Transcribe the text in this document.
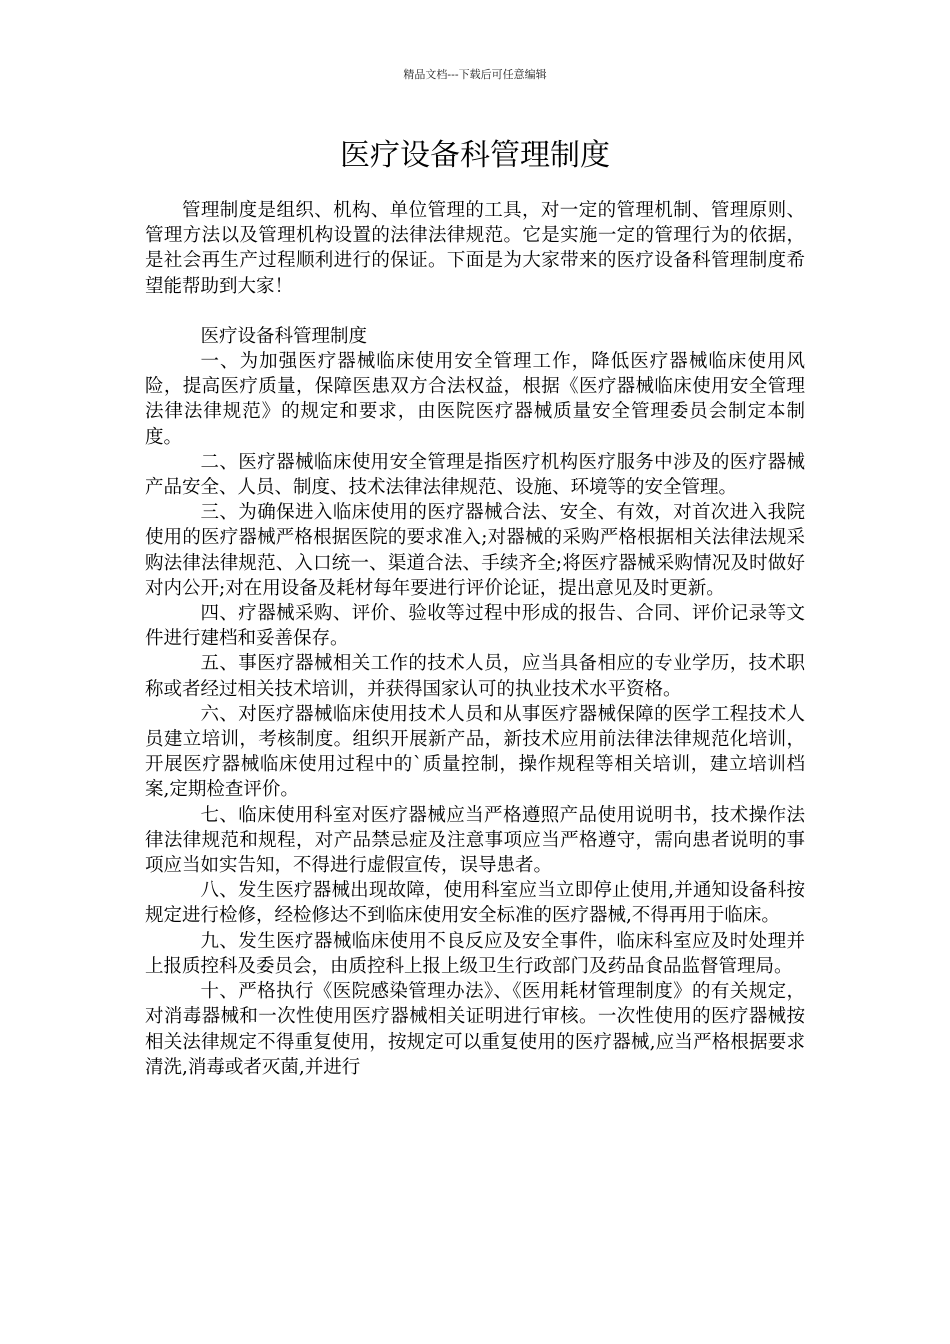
精品文档---下载后可任意编辑
医疗设备科管理制度

管理制度是组织、机构、单位管理的工具，对一定的管理机制、管理原则、管理方法以及管理机构设置的法律法律规范。它是实施一定的管理行为的依据，是社会再生产过程顺利进行的保证。下面是为大家带来的医疗设备科管理制度希望能帮助到大家！

医疗设备科管理制度

一、为加强医疗器械临床使用安全管理工作，降低医疗器械临床使用风险，提高医疗质量，保障医患双方合法权益，根据《医疗器械临床使用安全管理法律法律规范》的规定和要求，由医院医疗器械质量安全管理委员会制定本制度。

二、医疗器械临床使用安全管理是指医疗机构医疗服务中涉及的医疗器械产品安全、人员、制度、技术法律法律规范、设施、环境等的安全管理。

三、为确保进入临床使用的医疗器械合法、安全、有效，对首次进入我院使用的医疗器械严格根据医院的要求准入;对器械的采购严格根据相关法律法规采购法律法律规范、入口统一、渠道合法、手续齐全;将医疗器械采购情况及时做好对内公开;对在用设备及耗材每年要进行评价论证，提出意见及时更新。

四、疗器械采购、评价、验收等过程中形成的报告、合同、评价记录等文件进行建档和妥善保存。

五、事医疗器械相关工作的技术人员，应当具备相应的专业学历，技术职称或者经过相关技术培训，并获得国家认可的执业技术水平资格。

六、对医疗器械临床使用技术人员和从事医疗器械保障的医学工程技术人员建立培训，考核制度。组织开展新产品，新技术应用前法律法律规范化培训，开展医疗器械临床使用过程中的`质量控制，操作规程等相关培训，建立培训档案,定期检查评价。

七、临床使用科室对医疗器械应当严格遵照产品使用说明书，技术操作法律法律规范和规程，对产品禁忌症及注意事项应当严格遵守，需向患者说明的事项应当如实告知，不得进行虚假宣传，误导患者。

八、发生医疗器械出现故障，使用科室应当立即停止使用,并通知设备科按规定进行检修，经检修达不到临床使用安全标准的医疗器械,不得再用于临床。

九、发生医疗器械临床使用不良反应及安全事件，临床科室应及时处理并上报质控科及委员会，由质控科上报上级卫生行政部门及药品食品监督管理局。

十、严格执行《医院感染管理办法》、《医用耗材管理制度》的有关规定，对消毒器械和一次性使用医疗器械相关证明进行审核。一次性使用的医疗器械按相关法律规定不得重复使用，按规定可以重复使用的医疗器械,应当严格根据要求清洗,消毒或者灭菌,并进行
